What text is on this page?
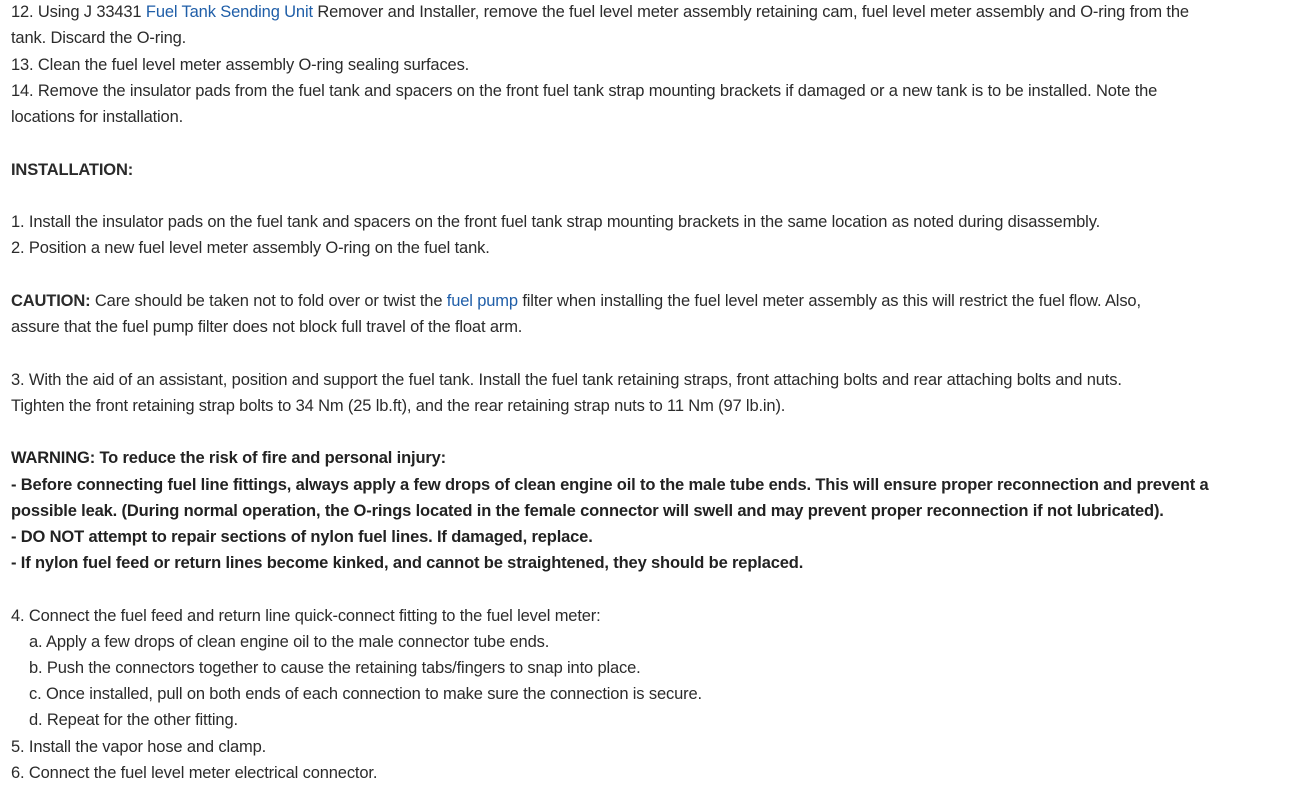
12. Using J 33431 Fuel Tank Sending Unit Remover and Installer, remove the fuel level meter assembly retaining cam, fuel level meter assembly and O-ring from the
tank. Discard the O-ring.
13. Clean the fuel level meter assembly O-ring sealing surfaces.
14. Remove the insulator pads from the fuel tank and spacers on the front fuel tank strap mounting brackets if damaged or a new tank is to be installed. Note the
locations for installation.
INSTALLATION:
1. Install the insulator pads on the fuel tank and spacers on the front fuel tank strap mounting brackets in the same location as noted during disassembly.
2. Position a new fuel level meter assembly O-ring on the fuel tank.
CAUTION: Care should be taken not to fold over or twist the fuel pump filter when installing the fuel level meter assembly as this will restrict the fuel flow. Also,
assure that the fuel pump filter does not block full travel of the float arm.
3. With the aid of an assistant, position and support the fuel tank. Install the fuel tank retaining straps, front attaching bolts and rear attaching bolts and nuts.
Tighten the front retaining strap bolts to 34 Nm (25 lb.ft), and the rear retaining strap nuts to 11 Nm (97 lb.in).
WARNING: To reduce the risk of fire and personal injury:
- Before connecting fuel line fittings, always apply a few drops of clean engine oil to the male tube ends. This will ensure proper reconnection and prevent a
possible leak. (During normal operation, the O-rings located in the female connector will swell and may prevent proper reconnection if not lubricated).
- DO NOT attempt to repair sections of nylon fuel lines. If damaged, replace.
- If nylon fuel feed or return lines become kinked, and cannot be straightened, they should be replaced.
4. Connect the fuel feed and return line quick-connect fitting to the fuel level meter:
a. Apply a few drops of clean engine oil to the male connector tube ends.
b. Push the connectors together to cause the retaining tabs/fingers to snap into place.
c. Once installed, pull on both ends of each connection to make sure the connection is secure.
d. Repeat for the other fitting.
5. Install the vapor hose and clamp.
6. Connect the fuel level meter electrical connector.
